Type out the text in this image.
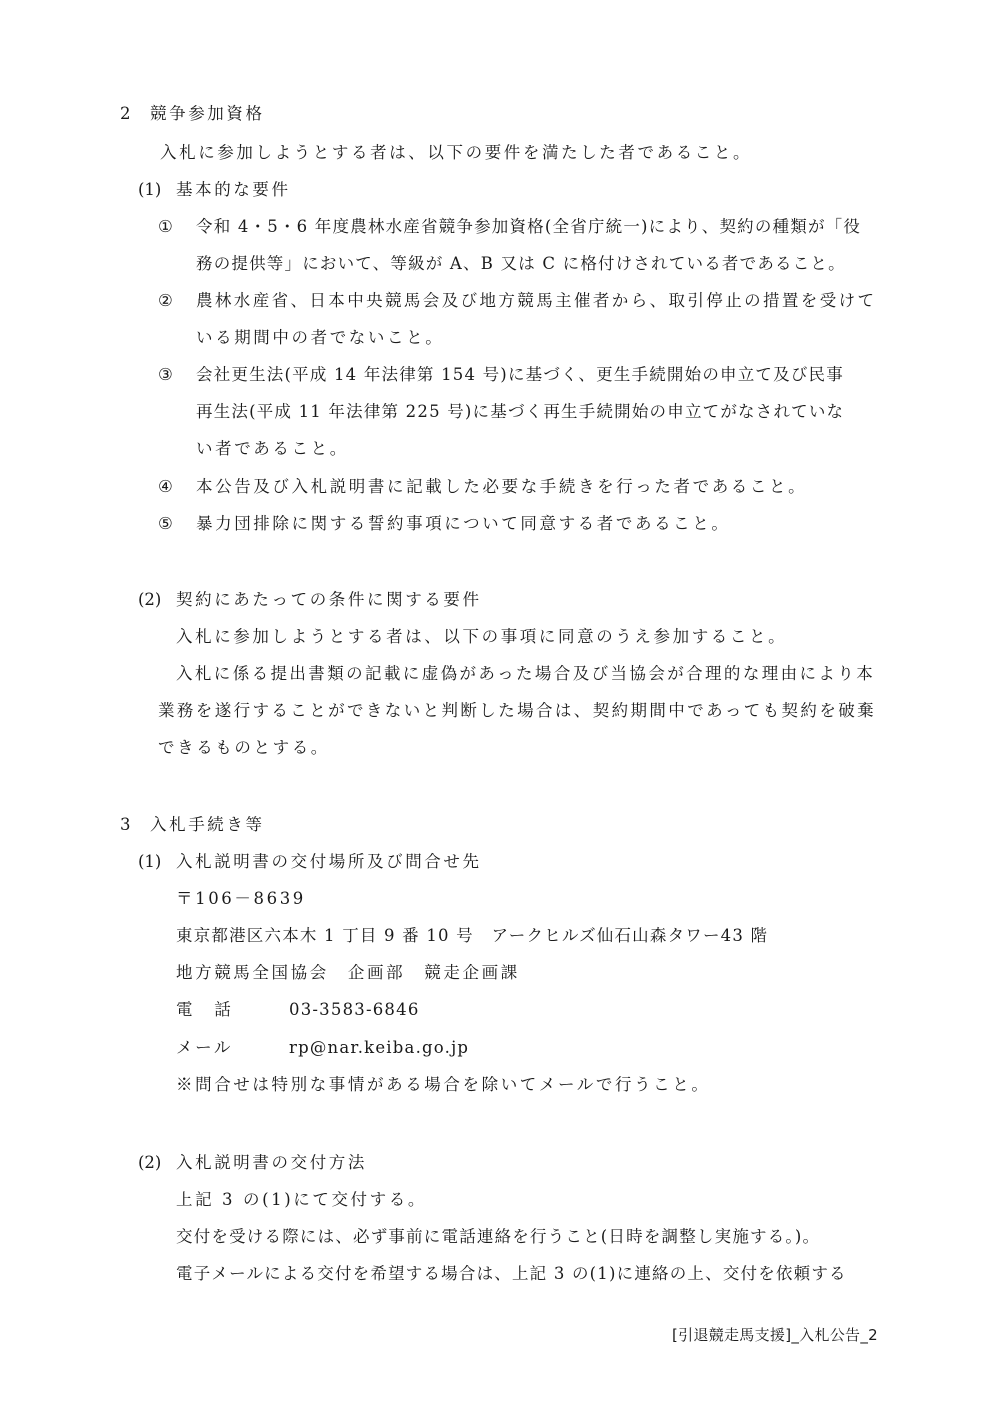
2 競争参加資格
入札に参加しようとする者は、以下の要件を満たした者であること。
(1) 基本的な要件
① 令和 4・5・6 年度農林水産省競争参加資格(全省庁統一)により、契約の種類が「役
務の提供等」において、等級が A、B 又は C に格付けされている者であること。
② 農林水産省、日本中央競馬会及び地方競馬主催者から、取引停止の措置を受けて
いる期間中の者でないこと。
③ 会社更生法(平成 14 年法律第 154 号)に基づく、更生手続開始の申立て及び民事
再生法(平成 11 年法律第 225 号)に基づく再生手続開始の申立てがなされていな
い者であること。
④ 本公告及び入札説明書に記載した必要な手続きを行った者であること。
⑤ 暴力団排除に関する誓約事項について同意する者であること。
(2) 契約にあたっての条件に関する要件
入札に参加しようとする者は、以下の事項に同意のうえ参加すること。
入札に係る提出書類の記載に虚偽があった場合及び当協会が合理的な理由により本
業務を遂行することができないと判断した場合は、契約期間中であっても契約を破棄
できるものとする。
3 入札手続き等
(1) 入札説明書の交付場所及び問合せ先
〒106－8639
東京都港区六本木 1 丁目 9 番 10 号　アークヒルズ仙石山森タワー43 階
地方競馬全国協会　企画部　競走企画課
電　話	03-3583-6846
メール	rp@nar.keiba.go.jp
※問合せは特別な事情がある場合を除いてメールで行うこと。
(2) 入札説明書の交付方法
上記 3 の(1)にて交付する。
交付を受ける際には、必ず事前に電話連絡を行うこと(日時を調整し実施する。)。
電子メールによる交付を希望する場合は、上記 3 の(1)に連絡の上、交付を依頼する
[引退競走馬支援]_入札公告_2
